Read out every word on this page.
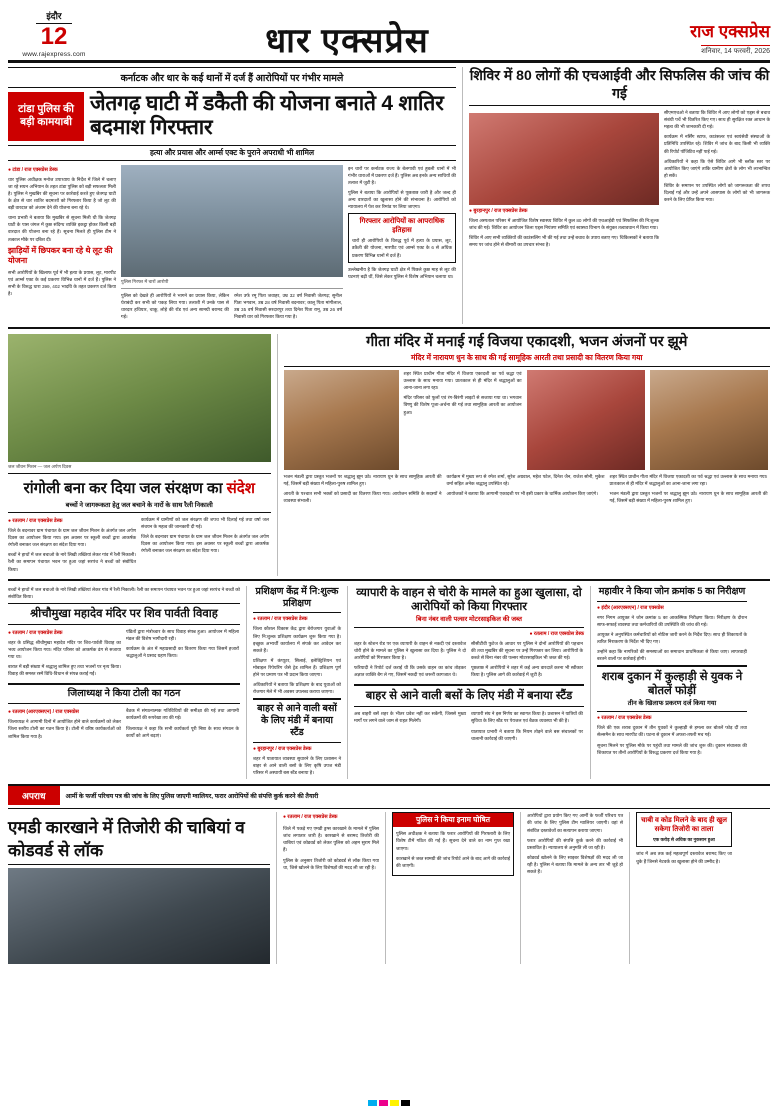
इंदौर
12
www.rajexpress.com	धार एक्सप्रेस	राज एक्सप्रेस
शनिवार, 14 फरवरी, 2026
कर्नाटक और धार के कई थानों में दर्ज हैं आरोपियों पर गंभीर मामले
टांडा पुलिस की बड़ी कामयाबी
जेतगढ़ घाटी में डकैती की योजना बनाते 4 शातिर बदमाश गिरफ्तार
हत्या और प्रयास और आर्म्स एक्ट के पुराने अपराधी भी शामिल
● टांडा / राज एक्सप्रेस डेस्क

धार पुलिस अधीक्षक मनोज उपाध्याय के निर्देश में जिले में चलाए जा रहे सघन अभियान के तहत टांडा पुलिस को बड़ी सफलता मिली है। पुलिस ने मुखबिर की सूचना पर कार्रवाई करते हुए जेतगढ़ घाटी के क्षेत्र से चार शातिर बदमाशों को गिरफ्तार किया है जो लूट की बड़ी वारदात को अंजाम देने की योजना बना रहे थे।

थाना प्रभारी ने बताया कि मुखबिर से सूचना मिली थी कि जेतगढ़ घाटी के पास जंगल में कुछ संदिग्ध व्यक्ति इकट्ठा होकर किसी बड़ी वारदात की योजना बना रहे हैं। सूचना मिलते ही पुलिस टीम ने तत्काल मौके पर दबिश दी।

झाड़ियों में छिपकर बना रहे थे लूट की योजना

सभी आरोपियों के खिलाफ पूर्व में भी हत्या के प्रयास, लूट, मारपीट एवं आर्म्स एक्ट के कई प्रकरण विभिन्न थानों में दर्ज हैं। पुलिस ने सभी के विरुद्ध धारा 399, 402 भादवि के तहत प्रकरण दर्ज किया है।

पुलिस गिरफ्त में चारों आरोपी

पुलिस को देखते ही आरोपियों ने भागने का प्रयास किया, लेकिन घेराबंदी कर सभी को पकड़ लिया गया। तलाशी में उनके पास से धारदार हथियार, चाकू, लोहे की रॉड एवं अन्य सामग्री बरामद की गई।

रमेश उर्फ रमू पिता जवाहर, उम्र 32 वर्ष निवासी जेतगढ़; सुनील पिता भगवान, उम्र 28 वर्ष निवासी बदनावर; कालू पिता मांगीलाल, उम्र 35 वर्ष निवासी सरदारपुर तथा दिनेश पिता रामू, उम्र 26 वर्ष निवासी धार को गिरफ्तार किया गया है।

इन चारों पर कर्नाटक राज्य के बेलगावी एवं हुबली थानों में भी गंभीर धाराओं में प्रकरण दर्ज हैं। पुलिस अब इनके अन्य साथियों की तलाश में जुटी है।

पुलिस ने बताया कि आरोपियों से पूछताछ जारी है और जल्द ही अन्य वारदातों का खुलासा होने की संभावना है। आरोपियों को न्यायालय में पेश कर रिमांड पर लिया जाएगा।

गिरफ्तार आरोपियों का आपराधिक इतिहास
चारों ही आरोपियों के विरुद्ध पूर्व में हत्या के प्रयास, लूट, डकैती की योजना, मारपीट एवं आर्म्स एक्ट के 6 से अधिक प्रकरण विभिन्न थानों में दर्ज हैं।

उल्लेखनीय है कि जेतगढ़ घाटी क्षेत्र में पिछले कुछ माह से लूट की घटनाएं बढ़ी थीं, जिसे लेकर पुलिस ने विशेष अभियान चलाया था।

शिविर में 80 लोगों की एचआईवी और सिफलिस की जांच की गई
● बुरहानपुर / राज एक्सप्रेस डेस्क

जिला अस्पताल परिसर में आयोजित विशेष स्वास्थ्य शिविर में कुल 80 लोगों की एचआईवी एवं सिफलिस की नि:शुल्क जांच की गई। शिविर का आयोजन जिला एड्स नियंत्रण समिति एवं स्वास्थ्य विभाग के संयुक्त तत्वावधान में किया गया।

शिविर में आए सभी व्यक्तियों की काउंसलिंग भी की गई तथा उन्हें बचाव के उपाय बताए गए। चिकित्सकों ने बताया कि समय पर जांच होने से बीमारी का उपचार संभव है।

सीएमएचओ ने बताया कि शिविर में आए लोगों को एड्स से बचाव संबंधी पर्चे भी वितरित किए गए। साथ ही सुरक्षित रक्त आधान के महत्व की भी जानकारी दी गई।

कार्यक्रम में नर्सिंग स्टाफ, काउंसलर एवं स्वयंसेवी संस्थाओं के प्रतिनिधि उपस्थित रहे। शिविर में जांच के बाद किसी भी व्यक्ति की रिपोर्ट पॉजिटिव नहीं पाई गई।

अधिकारियों ने कहा कि ऐसे शिविर आगे भी ब्लॉक स्तर पर आयोजित किए जाएंगे ताकि ग्रामीण क्षेत्रों के लोग भी लाभान्वित हो सकें।

शिविर के समापन पर उपस्थित लोगों को जागरूकता की शपथ दिलाई गई और उन्हें अपने आसपास के लोगों को भी जागरूक करने के लिए प्रेरित किया गया।

जल जीवन मिशन — जल अर्पण दिवस
रांगोली बना कर दिया जल संरक्षण का संदेश
बच्चों ने जागरूकता हेतु जल बचाने के नारों के साथ रैली निकाली
● रतलाम / राज एक्सप्रेस डेस्क

जिले के बदनावर ग्राम पंचायत के ग्राम जल जीवन मिशन के अंतर्गत जल अर्पण दिवस का आयोजन किया गया। इस अवसर पर स्कूली बच्चों द्वारा आकर्षक रंगोली बनाकर जल संरक्षण का संदेश दिया गया।

बच्चों ने हाथों में जल बचाओ के नारे लिखी तख्तियां लेकर गांव में रैली निकाली। रैली का समापन पंचायत भवन पर हुआ जहां सरपंच ने बच्चों को संबोधित किया।

कार्यक्रम में ग्रामीणों को जल संरक्षण की शपथ भी दिलाई गई तथा वर्षा जल संचयन के महत्व की जानकारी दी गई।

जिले के बदनावर ग्राम पंचायत के ग्राम जल जीवन मिशन के अंतर्गत जल अर्पण दिवस का आयोजन किया गया। इस अवसर पर स्कूली बच्चों द्वारा आकर्षक रंगोली बनाकर जल संरक्षण का संदेश दिया गया।

गीता मंदिर में मनाई गई विजया एकादशी, भजन अंजनों पर झूमे
मंदिर में नारायण धुन के साथ की गई सामूहिक आरती तथा प्रसादी का वितरण किया गया

शहर स्थित प्राचीन गीता मंदिर में विजया एकादशी का पर्व श्रद्धा एवं उल्लास के साथ मनाया गया। प्रातःकाल से ही मंदिर में श्रद्धालुओं का आना-जाना लगा रहा।

मंदिर परिसर को फूलों एवं रंग-बिरंगी लाइटों से सजाया गया था। भगवान विष्णु की विशेष पूजा-अर्चना की गई तथा सामूहिक आरती का आयोजन हुआ।

भजन मंडली द्वारा प्रस्तुत भजनों पर श्रद्धालु झूम उठे। नारायण धुन के साथ सामूहिक आरती की गई, जिसमें बड़ी संख्या में महिला-पुरुष शामिल हुए।

आरती के पश्चात सभी भक्तों को प्रसादी का वितरण किया गया। आयोजन समिति के सदस्यों ने व्यवस्था संभाली।

कार्यक्रम में मुख्य रूप से रमेश शर्मा, सुरेश अग्रवाल, महेश पटेल, दिनेश जैन, राजेश सोनी, मुकेश वर्मा सहित अनेक श्रद्धालु उपस्थित रहे।

आयोजकों ने बताया कि आगामी एकादशी पर भी इसी प्रकार के धार्मिक आयोजन किए जाएंगे।

शहर स्थित प्राचीन गीता मंदिर में विजया एकादशी का पर्व श्रद्धा एवं उल्लास के साथ मनाया गया। प्रातःकाल से ही मंदिर में श्रद्धालुओं का आना-जाना लगा रहा।

भजन मंडली द्वारा प्रस्तुत भजनों पर श्रद्धालु झूम उठे। नारायण धुन के साथ सामूहिक आरती की गई, जिसमें बड़ी संख्या में महिला-पुरुष शामिल हुए।

बच्चों ने हाथों में जल बचाओ के नारे लिखी तख्तियां लेकर गांव में रैली निकाली। रैली का समापन पंचायत भवन पर हुआ जहां सरपंच ने बच्चों को संबोधित किया।

श्रीचौमुखा महादेव मंदिर पर शिव पार्वती विवाह
● रतलाम / राज एक्सप्रेस डेस्क

शहर के प्रसिद्ध श्रीचौमुखा महादेव मंदिर पर शिव-पार्वती विवाह का भव्य आयोजन किया गया। मंदिर परिसर को आकर्षक ढंग से सजाया गया था।

बारात में बड़ी संख्या में श्रद्धालु शामिल हुए तथा भजनों पर नृत्य किया। विवाह की समस्त रस्में विधि-विधान से संपन्न कराई गईं।

पंडितों द्वारा मंत्रोच्चार के साथ विवाह संपन्न हुआ। आयोजन में महिला मंडल की विशेष भागीदारी रही।

कार्यक्रम के अंत में महाप्रसादी का वितरण किया गया जिसमें हजारों श्रद्धालुओं ने प्रसाद ग्रहण किया।

जिलाध्यक्ष ने किया टोली का गठन
● रतलाम (आरएक्सएन) / राज एक्सप्रेस

जिलाध्यक्ष ने आगामी दिनों में आयोजित होने वाले कार्यक्रमों को लेकर जिला स्तरीय टोली का गठन किया है। टोली में वरिष्ठ कार्यकर्ताओं को शामिल किया गया है।

बैठक में संगठनात्मक गतिविधियों की समीक्षा की गई तथा आगामी कार्यक्रमों की रूपरेखा तय की गई।

जिलाध्यक्ष ने कहा कि सभी कार्यकर्ता पूरी निष्ठा के साथ संगठन के कार्यों को आगे बढ़ाएं।

प्रशिक्षण केंद्र में नि:शुल्क प्रशिक्षण
● रतलाम / राज एक्सप्रेस डेस्क

जिला कौशल विकास केंद्र द्वारा बेरोजगार युवाओं के लिए नि:शुल्क प्रशिक्षण कार्यक्रम शुरू किया गया है। इच्छुक अभ्यर्थी कार्यालय में संपर्क कर आवेदन कर सकते हैं।

प्रशिक्षण में कंप्यूटर, सिलाई, इलेक्ट्रिशियन एवं मोबाइल रिपेयरिंग जैसे ट्रेड शामिल हैं। प्रशिक्षण पूर्ण होने पर प्रमाण पत्र भी प्रदान किया जाएगा।

अधिकारियों ने बताया कि प्रशिक्षण के बाद युवाओं को रोजगार मेले में भी अवसर उपलब्ध कराया जाएगा।

बाहर से आने वाली बसों के लिए मंडी में बनाया स्टैंड
● बुरहानपुर / राज एक्सप्रेस डेस्क

शहर में यातायात व्यवस्था सुधारने के लिए प्रशासन ने बाहर से आने वाली बसों के लिए कृषि उपज मंडी परिसर में अस्थायी बस स्टैंड बनाया है।

व्यापारी के वाहन से चोरी के मामले का हुआ खुलासा, दो आरोपियों को किया गिरफ्तार
बिना नंबर वाली पल्सर मोटरसाइकिल की जब्त
● रतलाम / राज एक्सप्रेस डेस्क

शहर के स्टेशन रोड पर एक व्यापारी के वाहन से नकदी एवं दस्तावेज चोरी होने के मामले का पुलिस ने खुलासा कर दिया है। पुलिस ने दो आरोपियों को गिरफ्तार किया है।

फरियादी ने रिपोर्ट दर्ज कराई थी कि उसके वाहन का कांच तोड़कर अज्ञात व्यक्ति बैग ले गए, जिसमें नकदी एवं जरूरी कागजात थे।

सीसीटीवी फुटेज के आधार पर पुलिस ने दोनों आरोपियों की पहचान की तथा मुखबिर की सूचना पर उन्हें गिरफ्तार कर लिया। आरोपियों के कब्जे से बिना नंबर की पल्सर मोटरसाइकिल भी जब्त की गई।

पूछताछ में आरोपियों ने शहर में कई अन्य वारदातें करना भी स्वीकार किया है। पुलिस आगे की कार्रवाई में जुटी है।

बाहर से आने वाली बसों के लिए मंडी में बनाया स्टैंड

अब बाहरी बसें शहर के भीतर प्रवेश नहीं कर सकेंगी, जिससे मुख्य मार्गों पर लगने वाले जाम से राहत मिलेगी।

व्यापारी संघ ने इस निर्णय का स्वागत किया है। प्रशासन ने यात्रियों की सुविधा के लिए स्टैंड पर पेयजल एवं बैठक व्यवस्था भी की है।

यातायात प्रभारी ने बताया कि नियम तोड़ने वाले बस संचालकों पर चालानी कार्रवाई की जाएगी।

महावीर ने किया जोन क्रमांक 5 का निरीक्षण
● इंदौर (आरएक्सएन) / राज एक्सप्रेस

नगर निगम आयुक्त ने जोन क्रमांक 5 का आकस्मिक निरीक्षण किया। निरीक्षण के दौरान साफ-सफाई व्यवस्था तथा कर्मचारियों की उपस्थिति की जांच की गई।

आयुक्त ने अनुपस्थित कर्मचारियों को नोटिस जारी करने के निर्देश दिए। साथ ही शिकायतों के त्वरित निराकरण के निर्देश भी दिए गए।

उन्होंने कहा कि नागरिकों की समस्याओं का समाधान प्राथमिकता से किया जाए। लापरवाही बरतने वालों पर कार्रवाई होगी।

शराब दुकान में कुल्हाड़ी से युवक ने बोतलें फोड़ीं
तीन के खिलाफ प्रकरण दर्ज किया गया
● रतलाम / राज एक्सप्रेस डेस्क

जिले की एक शराब दुकान में तीन युवकों ने कुल्हाड़ी से हमला कर बोतलें फोड़ दीं तथा सेल्समैन के साथ मारपीट की। घटना से दुकान में अफरा-तफरी मच गई।

सूचना मिलने पर पुलिस मौके पर पहुंची तथा मामले की जांच शुरू की। दुकान संचालक की शिकायत पर तीनों आरोपियों के विरुद्ध प्रकरण दर्ज किया गया है।

अपराध	आर्मी के फर्जी परिचय पत्र की जांच के लिए पुलिस जाएगी ग्वालियर, फरार आरोपियों की संपत्ति कुर्क करने की तैयारी
एमडी कारखाने में तिजोरी की चाबियां व कोडवर्ड से लॉक
● रतलाम / राज एक्सप्रेस डेस्क

जिले में पकड़े गए एमडी ड्रग्स कारखाने के मामले में पुलिस जांच लगातार जारी है। कारखाने से बरामद तिजोरी की चाबियां एवं कोडवर्ड को लेकर पुलिस को अहम सुराग मिले हैं।

पुलिस के अनुसार तिजोरी को कोडवर्ड से लॉक किया गया था, जिसे खोलने के लिए विशेषज्ञों की मदद ली जा रही है।

पुलिस ने किया इनाम घोषित

पुलिस अधीक्षक ने बताया कि फरार आरोपियों की गिरफ्तारी के लिए विशेष टीमें गठित की गई हैं। सूचना देने वाले का नाम गुप्त रखा जाएगा।

कारखाने से जब्त सामग्री की जांच रिपोर्ट आने के बाद आगे की कार्रवाई की जाएगी।

आरोपियों द्वारा प्रयोग किए गए आर्मी के फर्जी परिचय पत्र की जांच के लिए पुलिस टीम ग्वालियर जाएगी। वहां से संबंधित दस्तावेजों का सत्यापन कराया जाएगा।

फरार आरोपियों की संपत्ति कुर्क करने की कार्रवाई भी प्रस्तावित है। न्यायालय से अनुमति ली जा रही है।

कोडवर्ड खोलने के लिए साइबर विशेषज्ञों की मदद ली जा रही है। पुलिस ने बताया कि मामले के अन्य तार भी जुड़े हो सकते हैं।

चाबी व कोड मिलने के बाद ही खुल सकेगा तिजोरी का ताला
एक करोड़ से अधिक का नुकसान हुआ

जांच में अब तक कई महत्वपूर्ण दस्तावेज बरामद किए जा चुके हैं जिनसे नेटवर्क का खुलासा होने की उम्मीद है।
